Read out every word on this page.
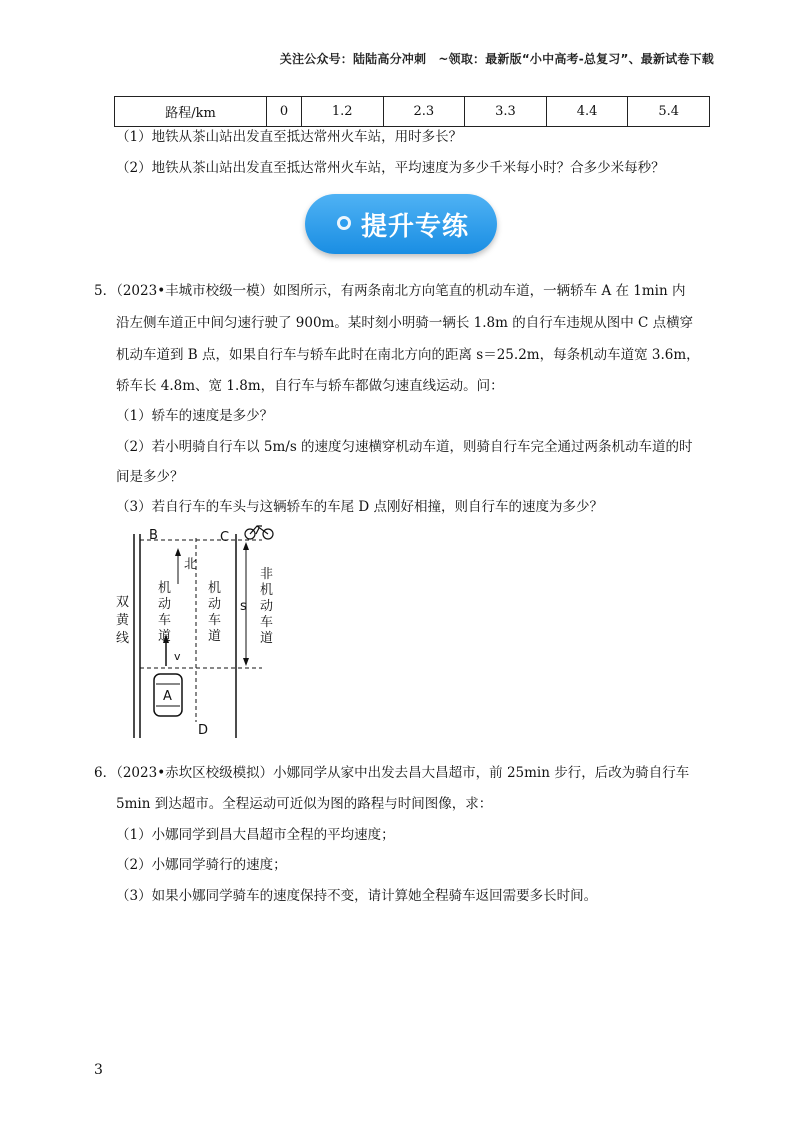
关注公众号：陆陆高分冲刺　~领取：最新版“小中高考-总复习”、最新试卷下载
路程/km	0	1.2	2.3	3.3	4.4	5.4
（1）地铁从茶山站出发直至抵达常州火车站，用时多长？
（2）地铁从茶山站出发直至抵达常州火车站，平均速度为多少千米每小时？合多少米每秒？
提升专练
5．（2023•丰城市校级一模）如图所示，有两条南北方向笔直的机动车道，一辆轿车 A 在 1min 内
沿左侧车道正中间匀速行驶了 900m。某时刻小明骑一辆长 1.8m 的自行车违规从图中 C 点横穿
机动车道到 B 点，如果自行车与轿车此时在南北方向的距离 s＝25.2m，每条机动车道宽 3.6m，
轿车长 4.8m、宽 1.8m，自行车与轿车都做匀速直线运动。问：
（1）轿车的速度是多少？
（2）若小明骑自行车以 5m/s 的速度匀速横穿机动车道，则骑自行车完全通过两条机动车道的时
间是多少？
（3）若自行车的车头与这辆轿车的车尾 D 点刚好相撞，则自行车的速度为多少？
B	C
A
D
s
v
北
双
黄
线
机
动
车
道
机
动
车
道
非
机
动
车
道
6．（2023•赤坎区校级模拟）小娜同学从家中出发去昌大昌超市，前 25min 步行，后改为骑自行车
5min 到达超市。全程运动可近似为图的路程与时间图像，求：
（1）小娜同学到昌大昌超市全程的平均速度；
（2）小娜同学骑行的速度；
（3）如果小娜同学骑车的速度保持不变，请计算她全程骑车返回需要多长时间。
3
